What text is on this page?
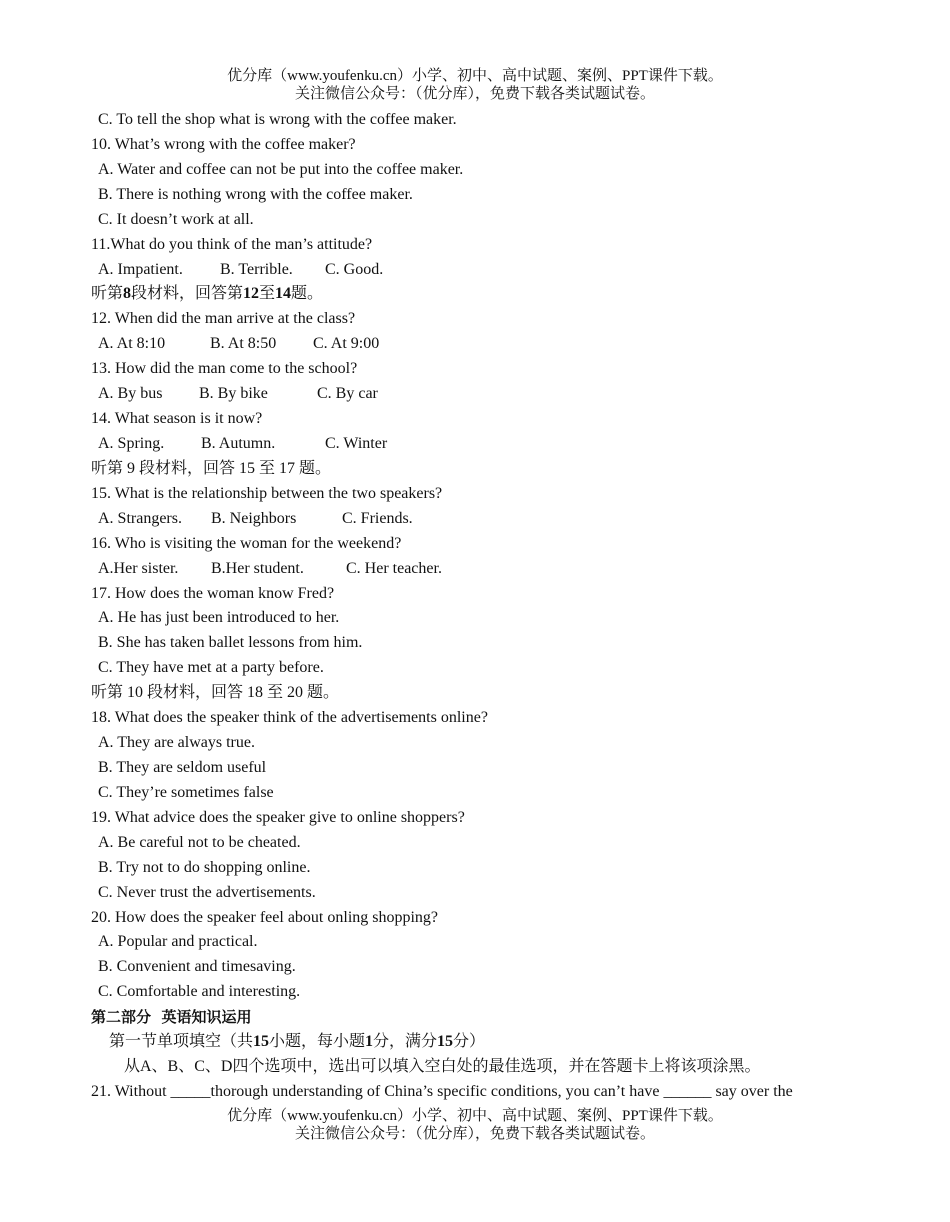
优分库（www.youfenku.cn）小学、初中、高中试题、案例、PPT课件下载。
关注微信公众号：（优分库），免费下载各类试题试卷。
C. To tell the shop what is wrong with the coffee maker.
10. What’s wrong with the coffee maker?
A. Water and coffee can not be put into the coffee maker.
B. There is nothing wrong with the coffee maker.
C. It doesn’t work at all.
11.What do you think of the man’s attitude?
A. Impatient.	B. Terrible.	C. Good.
听第8段材料，回答第12至14题。
12. When did the man arrive at the class?
A. At 8:10	B. At 8:50	C. At 9:00
13. How did the man come to the school?
A. By bus	B. By bike	C. By car
14. What season is it now?
A. Spring.	B. Autumn.	C. Winter
听第 9 段材料，回答 15 至 17 题。
15. What is the relationship between the two speakers?
A. Strangers.	B. Neighbors	C. Friends.
16. Who is visiting the woman for the weekend?
A.Her sister.	B.Her student.	C. Her teacher.
17. How does the woman know Fred?
A. He has just been introduced to her.
B. She has taken ballet lessons from him.
C. They have met at a party before.
听第 10 段材料，回答 18 至 20 题。
18. What does the speaker think of the advertisements online?
A. They are always true.
B. They are seldom useful
C. They’re sometimes false
19. What advice does the speaker give to online shoppers?
A. Be careful not to be cheated.
B. Try not to do shopping online.
C. Never trust the advertisements.
20. How does the speaker feel about onling shopping?
A. Popular and practical.
B. Convenient and timesaving.
C. Comfortable and interesting.
第二部分  英语知识运用
第一节单项填空（共15小题，每小题1分，满分15分）
从A、B、C、D四个选项中，选出可以填入空白处的最佳选项，并在答题卡上将该项涂黑。
21. Without _____thorough understanding of China’s specific conditions, you can’t have ______ say over the
优分库（www.youfenku.cn）小学、初中、高中试题、案例、PPT课件下载。
关注微信公众号：（优分库），免费下载各类试题试卷。
